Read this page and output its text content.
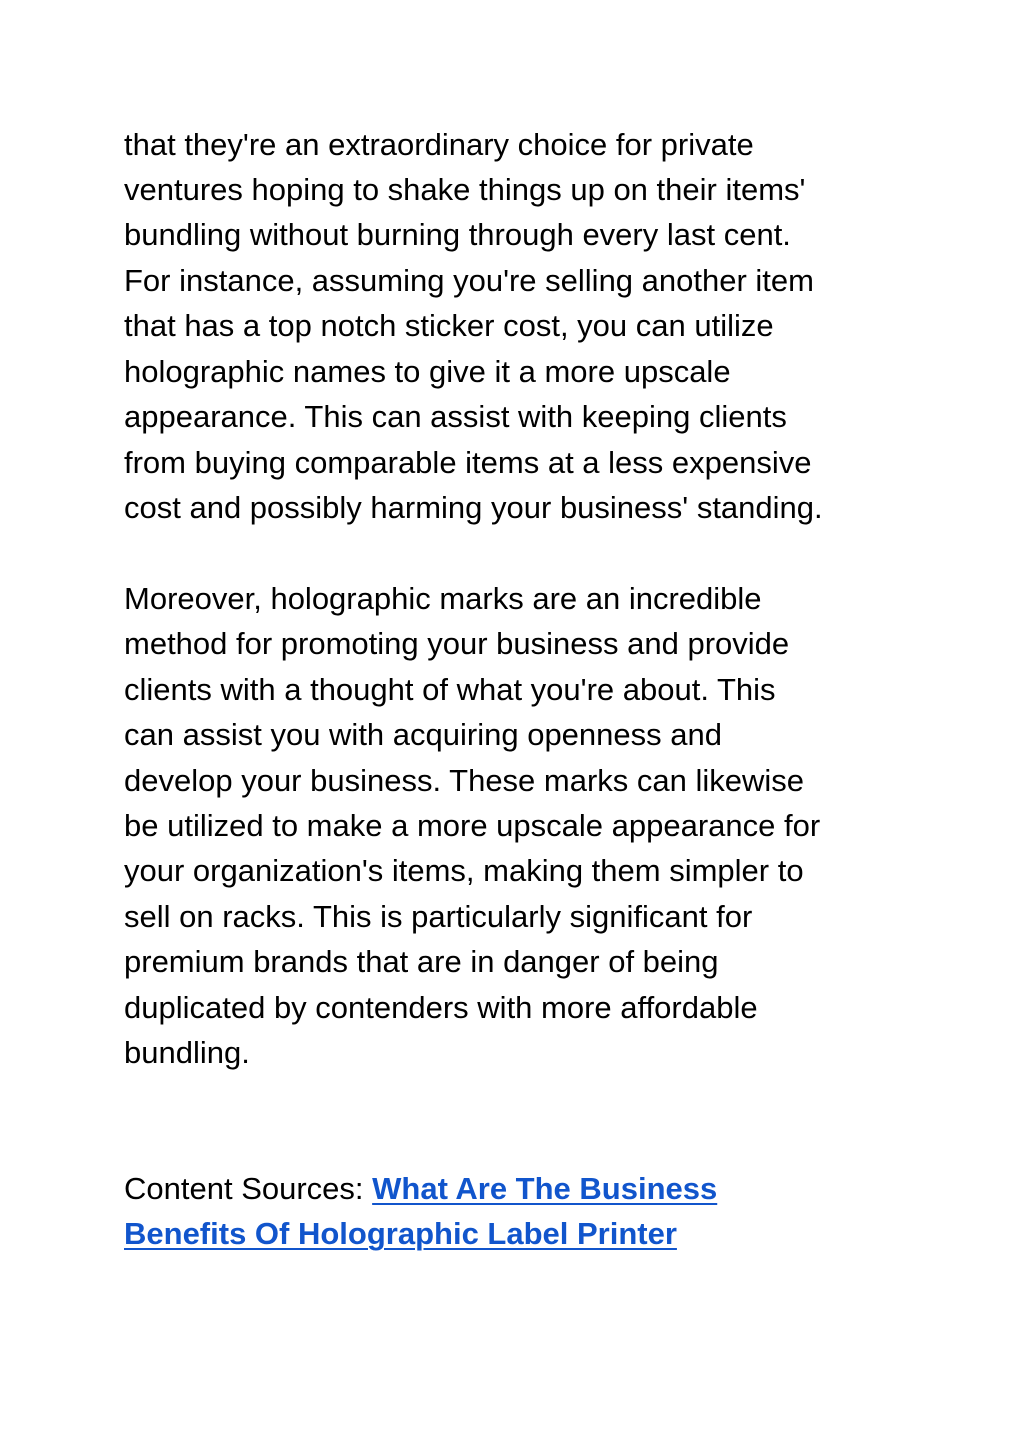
that they're an extraordinary choice for private

ventures hoping to shake things up on their items'

bundling without burning through every last cent.

For instance, assuming you're selling another item

that has a top notch sticker cost, you can utilize

holographic names to give it a more upscale

appearance. This can assist with keeping clients

from buying comparable items at a less expensive

cost and possibly harming your business' standing.

Moreover, holographic marks are an incredible

method for promoting your business and provide

clients with a thought of what you're about. This

can assist you with acquiring openness and

develop your business. These marks can likewise

be utilized to make a more upscale appearance for

your organization's items, making them simpler to

sell on racks. This is particularly significant for

premium brands that are in danger of being

duplicated by contenders with more affordable

bundling.

Content Sources: What Are The Business

Benefits Of Holographic Label Printer
